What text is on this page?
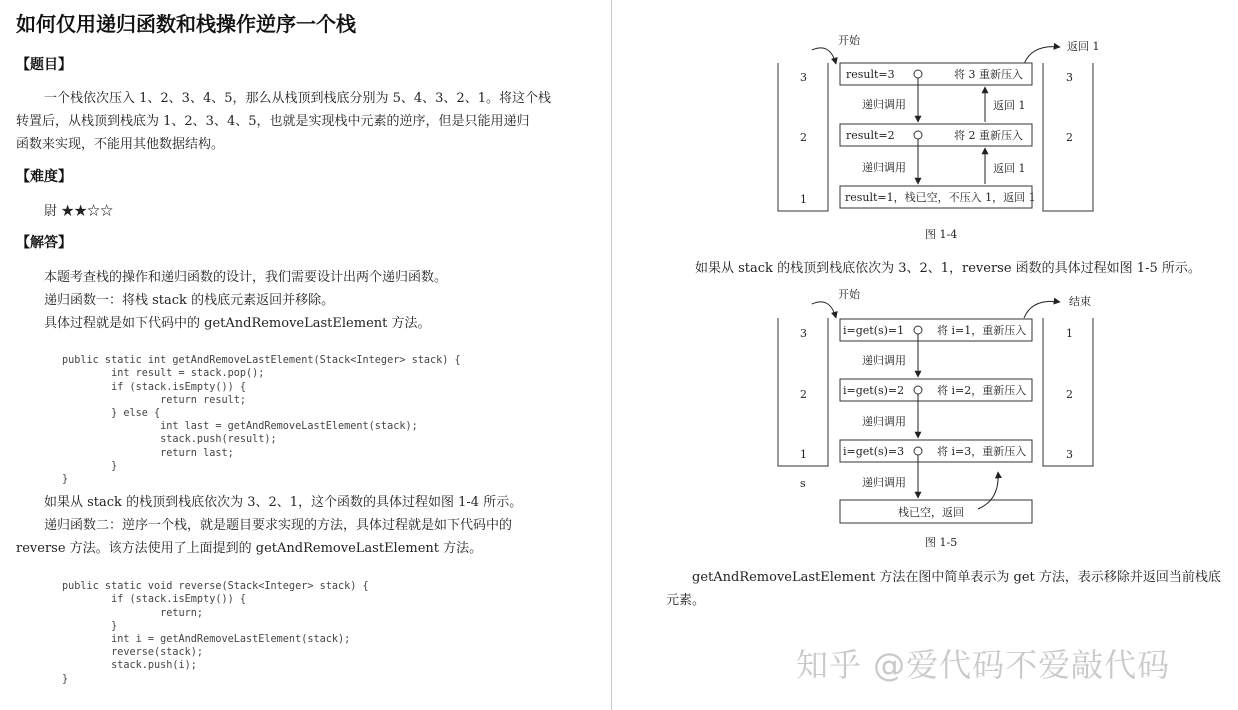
如何仅用递归函数和栈操作逆序一个栈
【题目】
一个栈依次压入 1、2、3、4、5，那么从栈顶到栈底分别为 5、4、3、2、1。将这个栈
转置后，从栈顶到栈底为 1、2、3、4、5，也就是实现栈中元素的逆序，但是只能用递归
函数来实现，不能用其他数据结构。
【难度】
尉 ★★☆☆
【解答】
本题考查栈的操作和递归函数的设计，我们需要设计出两个递归函数。
递归函数一：将栈 stack 的栈底元素返回并移除。
具体过程就是如下代码中的 getAndRemoveLastElement 方法。

public static int getAndRemoveLastElement(Stack<Integer> stack) {
int result = stack.pop();
if (stack.isEmpty()) {
return result;
} else {
int last = getAndRemoveLastElement(stack);
stack.push(result);
return last;
}
}

如果从 stack 的栈顶到栈底依次为 3、2、1，这个函数的具体过程如图 1-4 所示。
递归函数二：逆序一个栈，就是题目要求实现的方法，具体过程就是如下代码中的
reverse 方法。该方法使用了上面提到的 getAndRemoveLastElement 方法。

public static void reverse(Stack<Integer> stack) {
if (stack.isEmpty()) {
return;
}
int i = getAndRemoveLastElement(stack);
reverse(stack);
stack.push(i);
}

开始	返回 1
3
2
1
3
2
result=3	将 3 重新压入
result=2	将 2 重新压入
result=1，栈已空，不压入 1，返回 1
递归调用
递归调用
返回 1
返回 1
图 1-4
如果从 stack 的栈顶到栈底依次为 3、2、1，reverse 函数的具体过程如图 1-5 所示。
开始
结束
3
2
1
s
1
2
3
i=get(s)=1	将 i=1，重新压入
i=get(s)=2	将 i=2，重新压入
i=get(s)=3	将 i=3，重新压入
栈已空，返回
递归调用
递归调用
递归调用
图 1-5
getAndRemoveLastElement 方法在图中简单表示为 get 方法，表示移除并返回当前栈底
元素。
知乎 @爱代码不爱敲代码
